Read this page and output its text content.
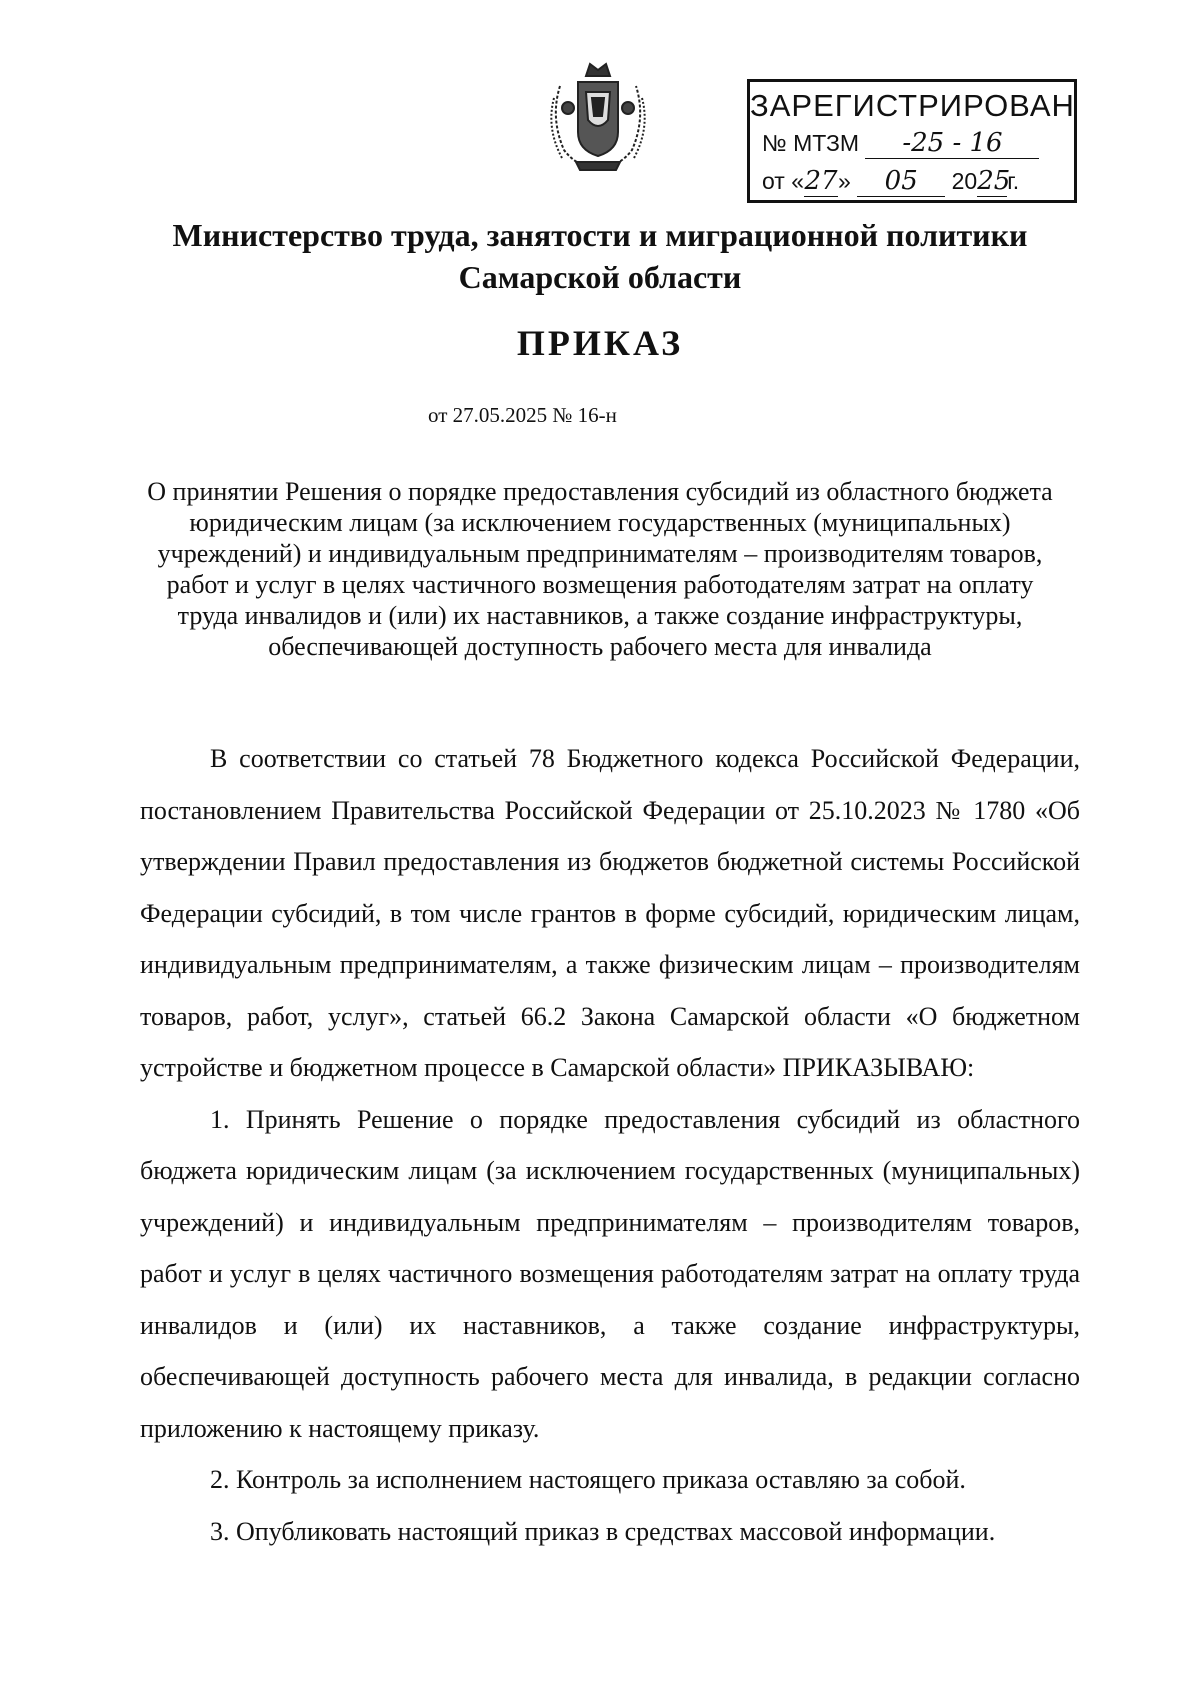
ЗАРЕГИСТРИРОВАН
№ МТЗМ -25 - 16
от «27» 05 2025г.
Министерство труда, занятости и миграционной политики
Самарской области
ПРИКАЗ
от 27.05.2025 № 16-н
О принятии Решения о порядке предоставления субсидий из областного бюджета юридическим лицам (за исключением государственных (муниципальных) учреждений) и индивидуальным предпринимателям – производителям товаров, работ и услуг в целях частичного возмещения работодателям затрат на оплату труда инвалидов и (или) их наставников, а также создание инфраструктуры, обеспечивающей доступность рабочего места для инвалида

В соответствии со статьей 78 Бюджетного кодекса Российской Федерации, постановлением Правительства Российской Федерации от 25.10.2023 № 1780 «Об утверждении Правил предоставления из бюджетов бюджетной системы Российской Федерации субсидий, в том числе грантов в форме субсидий, юридическим лицам, индивидуальным предпринимателям, а также физическим лицам – производителям товаров, работ, услуг», статьей 66.2 Закона Самарской области «О бюджетном устройстве и бюджетном процессе в Самарской области» ПРИКАЗЫВАЮ:

1. Принять Решение о порядке предоставления субсидий из областного бюджета юридическим лицам (за исключением государственных (муниципальных) учреждений) и индивидуальным предпринимателям – производителям товаров, работ и услуг в целях частичного возмещения работодателям затрат на оплату труда инвалидов и (или) их наставников, а также создание инфраструктуры, обеспечивающей доступность рабочего места для инвалида, в редакции согласно приложению к настоящему приказу.

2. Контроль за исполнением настоящего приказа оставляю за собой.

3. Опубликовать настоящий приказ в средствах массовой информации.
